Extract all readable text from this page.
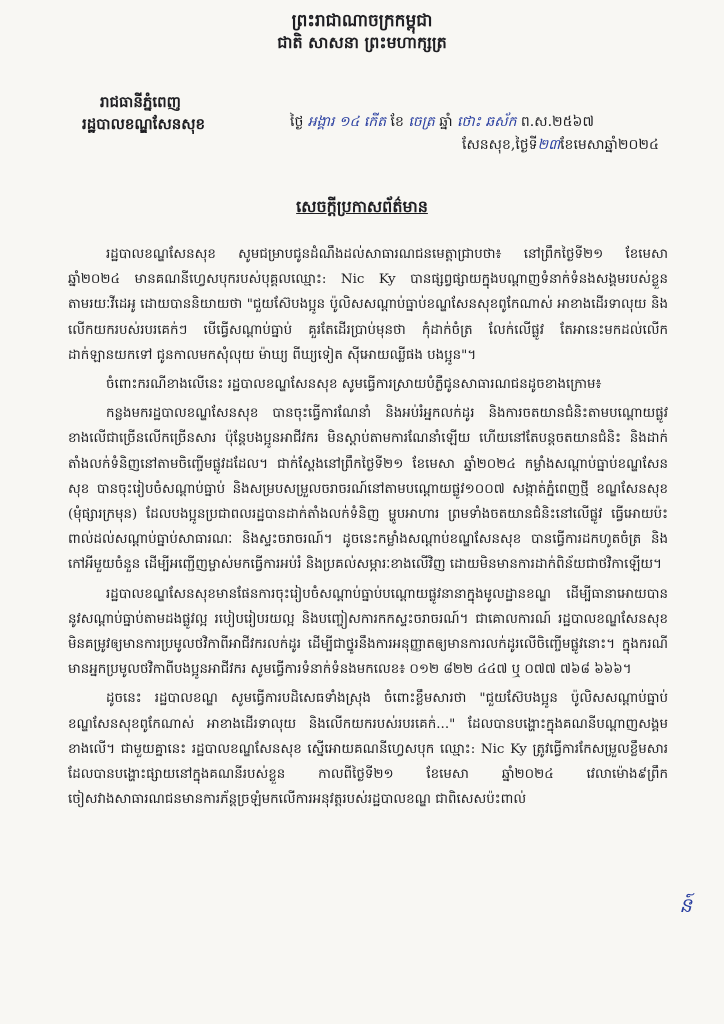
ព្រះរាជាណាចក្រកម្ពុជា
ជាតិ សាសនា ព្រះមហាក្សត្រ
រាជធានីភ្នំពេញ
រដ្ឋបាលខណ្ឌសែនសុខ	ថ្ងៃ អង្គារ ១៤ កើត ខែ ចេត្រ ឆ្នាំ ថោះ ឆស័ក ព.ស.២៥៦៧
សែនសុខ,ថ្ងៃទី២៣ខែមេសាឆ្នាំ២០២៤
សេចក្តីប្រកាសព័ត៌មាន

រដ្ឋបាលខណ្ឌសែនសុខ សូមជម្រាបជូនដំណឹងដល់សាធារណជនមេត្តាជ្រាបថា៖ នៅព្រឹកថ្ងៃទី២១ ខែមេសា ឆ្នាំ២០២៤ មានគណនីហ្វេសបុករបស់បុគ្គលឈ្មោះ: Nic Ky បានផ្សព្វផ្សាយក្នុងបណ្តាញទំនាក់ទំនងសង្គមរបស់ខ្លួនតាមរយៈវីដេអូ ដោយបាននិយាយថា "ជួយស៊ែបងប្អូន ប៉ូលិសសណ្តាប់ធ្នាប់ខណ្ឌសែនសុខពូកែណាស់ អាខាងដើរទាលុយ និងលើកយករបស់របរគេក់ៗ បើធ្វើសណ្តាប់ធ្នាប់ គួរតែដើរប្រាប់មុនថា កុំដាក់ចំត្រ លែក់លើផ្លូវ តែអានេះមកដល់លើកដាក់ឡានយកទៅ ជូនកាលមកសុំលុយ ម៉ាឃ្យ ពីឃ្យទៀត ស៊ីអោយឈ្លីផង បងប្អូន"។

ចំពោះករណីខាងលើនេះ រដ្ឋបាលខណ្ឌសែនសុខ សូមធ្វើការស្រាយបំភ្លឺជូនសាធារណជនដូចខាងក្រោម៖

កន្លងមករដ្ឋបាលខណ្ឌសែនសុខ បានចុះធ្វើការណែនាំ និងអប់រំអ្នកលក់ដូរ និងការចតយានជំនិះតាមបណ្តោយផ្លូវខាងលើជាច្រើនលើកច្រើនសារ ប៉ុន្តែបងប្អូនអាជីវករ មិនស្តាប់តាមការណែនាំឡើយ ហើយនៅតែបន្តចតយានជំនិះ និងដាក់តាំងលក់ទំនិញនៅតាមចិញ្ចើមផ្លូវដដែល។ ជាក់ស្តែងនៅព្រឹកថ្ងៃទី២១ ខែមេសា ឆ្នាំ២០២៤ កម្លាំងសណ្តាប់ធ្នាប់ខណ្ឌសែនសុខ បានចុះរៀបចំសណ្តាប់ធ្នាប់ និងសម្របសម្រួលចរាចរណ៍នៅតាមបណ្តោយផ្លូវ១០០៧ សង្កាត់ភ្នំពេញថ្មី ខណ្ឌសែនសុខ (មុំផ្សារក្រមុន) ដែលបងប្អូនប្រជាពលរដ្ឋបានដាក់តាំងលក់ទំនិញ ម្ហូបអាហារ ព្រមទាំងចតយានជំនិះនៅលើផ្លូវ ធ្វើអោយប៉ះពាល់ដល់សណ្តាប់ធ្នាប់សាធារណៈ និងស្ទះចរាចរណ៍។ ដូចនេះកម្លាំងសណ្តាប់ខណ្ឌសែនសុខ បានធ្វើការដកហូតចំត្រ និងកៅអីមួយចំនួន ដើម្បីអញ្ជើញម្ចាស់មកធ្វើការអប់រំ និងប្រគល់សម្ភារៈខាងលើវិញ ដោយមិនមានការដាក់ពិន័យជាថវិកាឡើយ។

រដ្ឋបាលខណ្ឌសែនសុខមានផែនការចុះរៀបចំសណ្តាប់ធ្នាប់បណ្តោយផ្លូវនានាក្នុងមូលដ្ឋានខណ្ឌ ដើម្បីធានាអោយបាននូវសណ្តាប់ធ្នាប់តាមដងផ្លូវល្អ របៀបរៀបរយល្អ និងបញ្ចៀសការកកស្ទះចរាចរណ៍។ ជាគោលការណ៍ រដ្ឋបាលខណ្ឌសែនសុខមិនគម្រូវឲ្យមានការប្រមូលថវិកាពីអាជីវករលក់ដូរ ដើម្បីជាថ្នូរនឹងការអនុញ្ញាតឲ្យមានការលក់ដូរលើចិញ្ចើមផ្លូវនោះ។ ក្នុងករណីមានអ្នកប្រមូលថវិកាពីបងប្អូនអាជីវករ សូមធ្វើការទំនាក់ទំនងមកលេខ៖ ០១២ ៨២២ ៤៤៧ ឬ ០៧៧ ៧៦៨ ៦៦៦។

ដូចនេះ រដ្ឋបាលខណ្ឌ សូមធ្វើការបដិសេធទាំងស្រុង ចំពោះខ្លឹមសារថា "ជួយស៊ែបងប្អូន ប៉ូលិសសណ្តាប់ធ្នាប់ខណ្ឌសែនសុខពូកែណាស់ អាខាងដើរទាលុយ និងលើកយករបស់របរគេក់..." ដែលបានបង្ហោះក្នុងគណនីបណ្តាញសង្គមខាងលើ។ ជាមួយគ្នានេះ រដ្ឋបាលខណ្ឌសែនសុខ ស្នើអោយគណនីហ្វេសបុក ឈ្មោះ: Nic Ky ត្រូវធ្វើការកែសម្រួលខ្លឹមសារដែលបានបង្ហោះផ្សាយនៅក្នុងគណនីរបស់ខ្លួន កាលពីថ្ងៃទី២១ ខែមេសា ឆ្នាំ២០២៤ វេលាម៉ោង៩ព្រឹក ចៀសវាងសាធារណជនមានការភ័ន្តច្រឡំមកលើការអនុវត្តរបស់រដ្ឋបាលខណ្ឌ ជាពិសេសប៉ះពាល់

ន៍
